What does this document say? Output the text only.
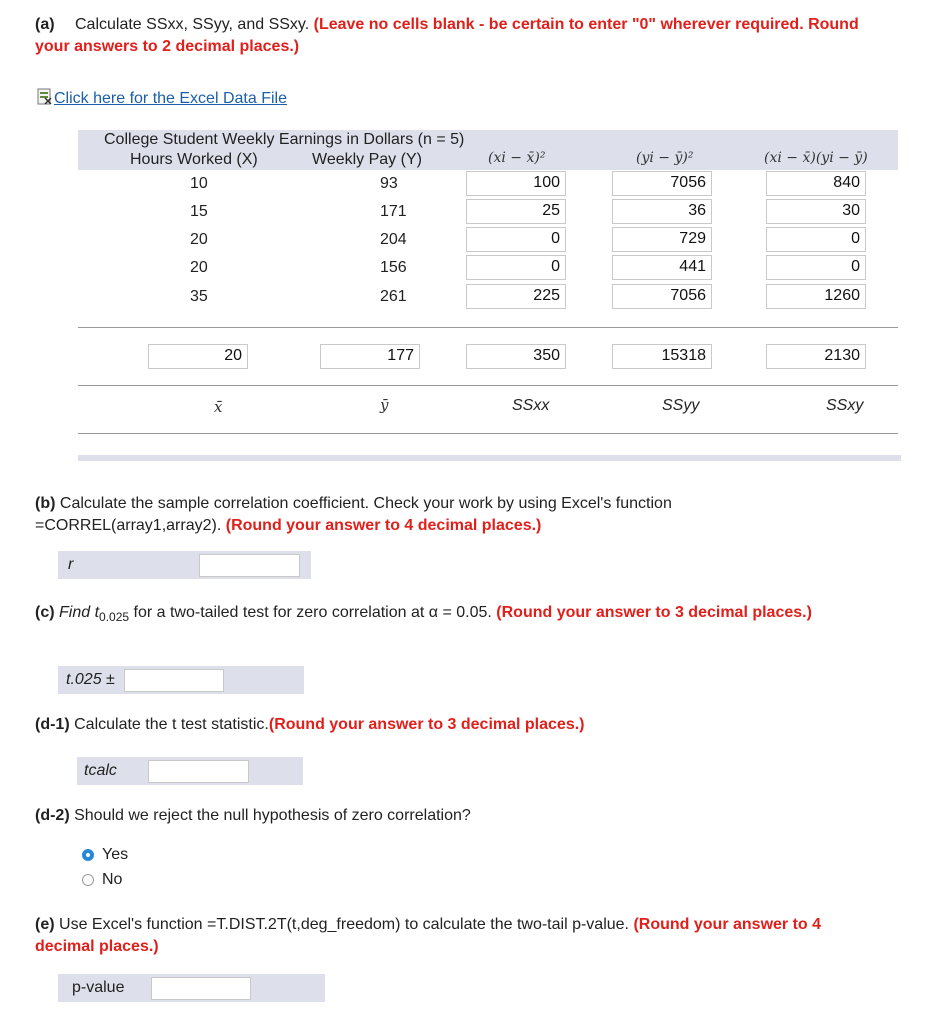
(a) Calculate SSxx, SSyy, and SSxy. (Leave no cells blank - be certain to enter "0" wherever required. Round your answers to 2 decimal places.)
Click here for the Excel Data File
College Student Weekly Earnings in Dollars (n = 5)
Hours Worked (X)	Weekly Pay (Y)	(xi − x̄)²	(yi − ȳ)²	(xi − x̄)(yi − ȳ)
10	93	100	7056	840
15	171	25	36	30
20	204	0	729	0
20	156	0	441	0
35	261	225	7056	1260
20	177	350	15318	2130
x̄	ȳ	SSxx	SSyy	SSxy
(b) Calculate the sample correlation coefficient. Check your work by using Excel's function =CORREL(array1,array2). (Round your answer to 4 decimal places.)
r
(c) Find $t_{0.025}$ for a two-tailed test for zero correlation at α = 0.05. (Round your answer to 3 decimal places.)
t.025 ±
(d-1) Calculate the t test statistic.(Round your answer to 3 decimal places.)
tcalc
(d-2) Should we reject the null hypothesis of zero correlation?
Yes
No
(e) Use Excel's function =T.DIST.2T(t,deg_freedom) to calculate the two-tail p-value. (Round your answer to 4 decimal places.)
p-value
